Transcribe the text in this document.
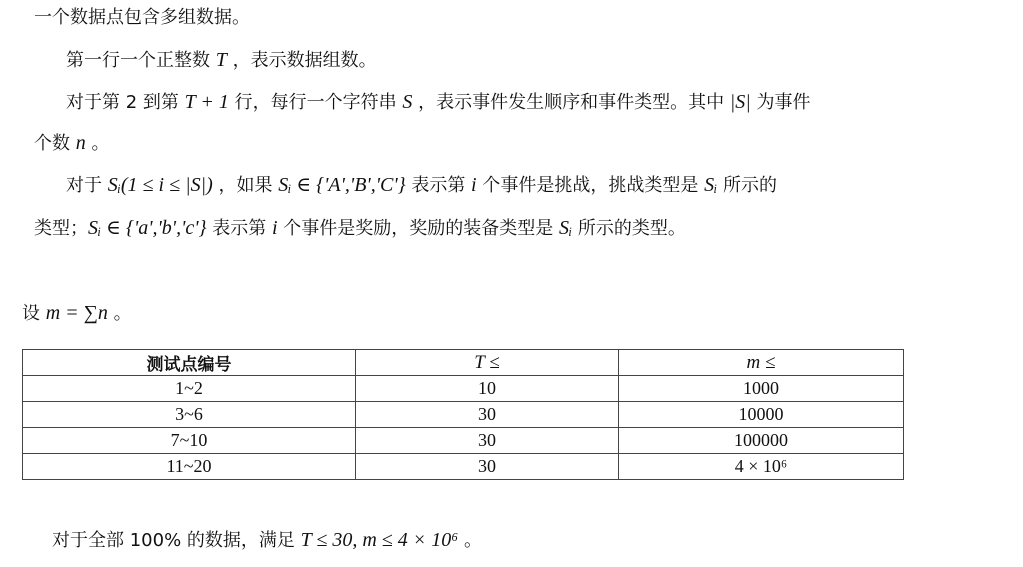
一个数据点包含多组数据。
第一行一个正整数 T ，表示数据组数。
对于第 2 到第 T + 1 行，每行一个字符串 S ，表示事件发生顺序和事件类型。其中 |S| 为事件
个数 n 。
对于 Sᵢ(1 ≤ i ≤ |S|) ，如果 Sᵢ ∈ {'A','B','C'} 表示第 i 个事件是挑战，挑战类型是 Sᵢ 所示的
类型；Sᵢ ∈ {'a','b','c'} 表示第 i 个事件是奖励，奖励的装备类型是 Sᵢ 所示的类型。
设 m = ∑n 。
测试点编号	T ≤	m ≤
1~2	10	1000
3~6	30	10000
7~10	30	100000
11~20	30	4 × 10⁶
对于全部 100% 的数据，满足 T ≤ 30, m ≤ 4 × 10⁶ 。
